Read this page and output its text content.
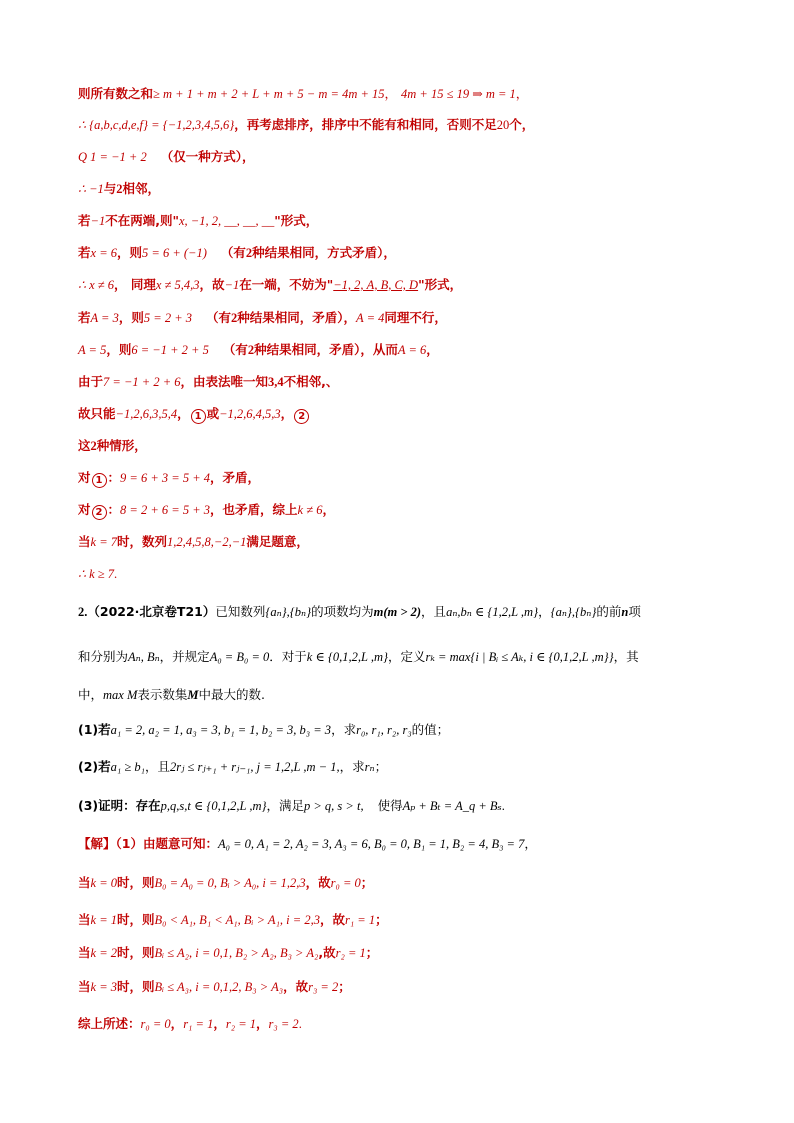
则所有数之和≥ m + 1 + m + 2 + L + m + 5 − m = 4m + 15， 4m + 15 ≤ 19 ⇒ m = 1，
∴ {a,b,c,d,e,f} = {−1,2,3,4,5,6}，再考虑排序，排序中不能有和相同，否则不足20个，
Q 1 = −1 + 2 （仅一种方式），
∴ −1与2相邻，
若−1不在两端,则"x, −1, 2, __, __, __"形式，
若x = 6，则5 = 6 + (−1) （有2种结果相同，方式矛盾），
∴ x ≠ 6， 同理x ≠ 5,4,3，故−1在一端，不妨为"−1, 2, A, B, C, D"形式，
若A = 3，则5 = 2 + 3 （有2种结果相同，矛盾），A = 4同理不行，
A = 5，则6 = −1 + 2 + 5 （有2种结果相同，矛盾），从而A = 6，
由于7 = −1 + 2 + 6，由表法唯一知3,4不相邻,、
故只能−1,2,6,3,5,4， 1 或−1,2,6,4,5,3， 2
这2种情形，
对 1 ：9 = 6 + 3 = 5 + 4，矛盾，
对 2 ：8 = 2 + 6 = 5 + 3，也矛盾，综上k ≠ 6，
当k = 7时，数列1,2,4,5,8,−2,−1满足题意，
∴ k ≥ 7.
2.（2022·北京卷T21）已知数列{aₙ},{bₙ}的项数均为m(m > 2)，且aₙ,bₙ ∈ {1,2,L ,m}，{aₙ},{bₙ}的前n项
和分别为Aₙ, Bₙ，并规定A₀ = B₀ = 0．对于k ∈ {0,1,2,L ,m}，定义rₖ = max{i | Bᵢ ≤ Aₖ, i ∈ {0,1,2,L ,m}}，其
中，max M表示数集M中最大的数.
(1)若a₁ = 2, a₂ = 1, a₃ = 3, b₁ = 1, b₂ = 3, b₃ = 3，求r₀, r₁, r₂, r₃的值；
(2)若a₁ ≥ b₁，且2rⱼ ≤ rⱼ₊₁ + rⱼ₋₁, j = 1,2,L ,m − 1,，求rₙ；
(3)证明：存在p,q,s,t ∈ {0,1,2,L ,m}，满足p > q, s > t, 使得Aₚ + Bₜ = A_q + Bₛ.
【解】（1）由题意可知：A₀ = 0, A₁ = 2, A₂ = 3, A₃ = 6, B₀ = 0, B₁ = 1, B₂ = 4, B₃ = 7，
当k = 0时，则B₀ = A₀ = 0, Bᵢ > A₀, i = 1,2,3，故r₀ = 0；
当k = 1时，则B₀ < A₁, B₁ < A₁, Bᵢ > A₁, i = 2,3，故r₁ = 1；
当k = 2时，则Bᵢ ≤ A₂, i = 0,1, B₂ > A₂, B₃ > A₂,故r₂ = 1；
当k = 3时，则Bᵢ ≤ A₃, i = 0,1,2, B₃ > A₃，故r₃ = 2；
综上所述：r₀ = 0，r₁ = 1，r₂ = 1，r₃ = 2.
